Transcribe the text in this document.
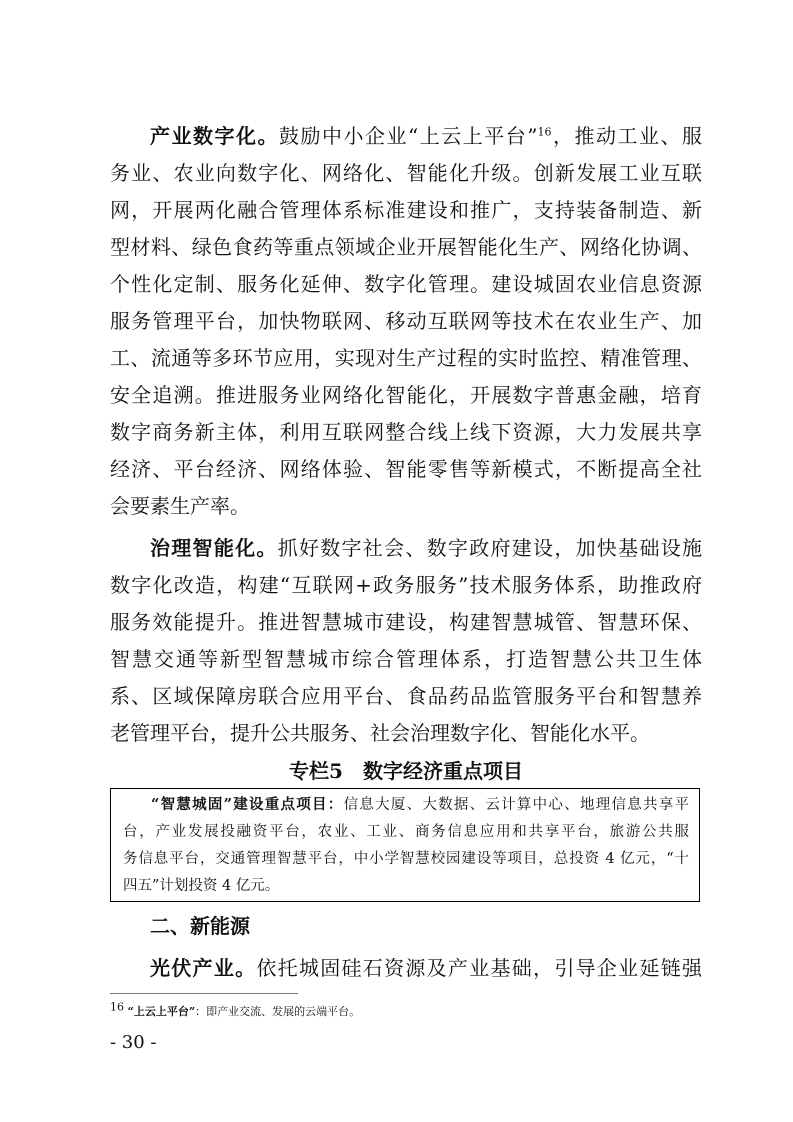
产业数字化。鼓励中小企业“上云上平台”$^{16}$，推动工业、服

务业、农业向数字化、网络化、智能化升级。创新发展工业互联

网，开展两化融合管理体系标准建设和推广，支持装备制造、新

型材料、绿色食药等重点领域企业开展智能化生产、网络化协调、

个性化定制、服务化延伸、数字化管理。建设城固农业信息资源

服务管理平台，加快物联网、移动互联网等技术在农业生产、加

工、流通等多环节应用，实现对生产过程的实时监控、精准管理、

安全追溯。推进服务业网络化智能化，开展数字普惠金融，培育

数字商务新主体，利用互联网整合线上线下资源，大力发展共享

经济、平台经济、网络体验、智能零售等新模式，不断提高全社

会要素生产率。

治理智能化。抓好数字社会、数字政府建设，加快基础设施

数字化改造，构建“互联网+政务服务”技术服务体系，助推政府

服务效能提升。推进智慧城市建设，构建智慧城管、智慧环保、

智慧交通等新型智慧城市综合管理体系，打造智慧公共卫生体

系、区域保障房联合应用平台、食品药品监管服务平台和智慧养

老管理平台，提升公共服务、社会治理数字化、智能化水平。

专栏5　数字经济重点项目

“智慧城固”建设重点项目：信息大厦、大数据、云计算中心、地理信息共享平

台，产业发展投融资平台，农业、工业、商务信息应用和共享平台，旅游公共服

务信息平台，交通管理智慧平台，中小学智慧校园建设等项目，总投资 4 亿元，“十

四五”计划投资 4 亿元。

二、新能源

光伏产业。依托城固硅石资源及产业基础，引导企业延链强

$^{16}$ “上云上平台”：即产业交流、发展的云端平台。

- 30 -
